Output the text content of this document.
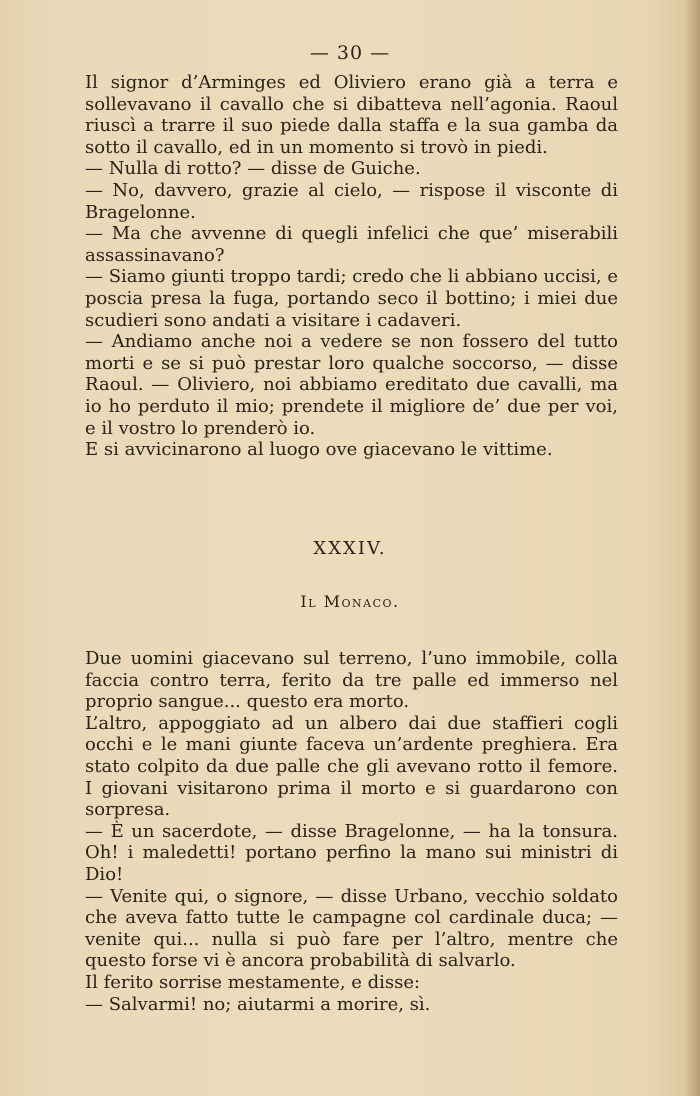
— 30 —

Il signor d’Arminges ed Oliviero erano già a terra e sollevavano il cavallo che si dibatteva nell’agonia. Raoul riuscì a trarre il suo piede dalla staffa e la sua gamba da sotto il cavallo, ed in un momento si trovò in piedi.

— Nulla di rotto? — disse de Guiche.

— No, davvero, grazie al cielo, — rispose il visconte di Bragelonne.

— Ma che avvenne di quegli infelici che que’ miserabili assassinavano?

— Siamo giunti troppo tardi; credo che li abbiano uccisi, e poscia presa la fuga, portando seco il bottino; i miei due scudieri sono andati a visitare i cadaveri.

— Andiamo anche noi a vedere se non fossero del tutto morti e se si può prestar loro qualche soccorso, — disse Raoul. — Oliviero, noi abbiamo ereditato due cavalli, ma io ho perduto il mio; prendete il migliore de’ due per voi, e il vostro lo prenderò io.

E si avvicinarono al luogo ove giacevano le vittime.

XXXIV.
Il Monaco.

Due uomini giacevano sul terreno, l’uno immobile, colla faccia contro terra, ferito da tre palle ed immerso nel proprio sangue... questo era morto.

L’altro, appoggiato ad un albero dai due staffieri cogli occhi e le mani giunte faceva un’ardente preghiera. Era stato colpito da due palle che gli avevano rotto il femore. I giovani visitarono prima il morto e si guardarono con sorpresa.

— È un sacerdote, — disse Bragelonne, — ha la tonsura. Oh! i maledetti! portano perfino la mano sui ministri di Dio!

— Venite qui, o signore, — disse Urbano, vecchio soldato che aveva fatto tutte le campagne col cardinale duca; — venite qui... nulla si può fare per l’altro, mentre che questo forse vi è ancora probabilità di salvarlo.

Il ferito sorrise mestamente, e disse:

— Salvarmi! no; aiutarmi a morire, sì.
